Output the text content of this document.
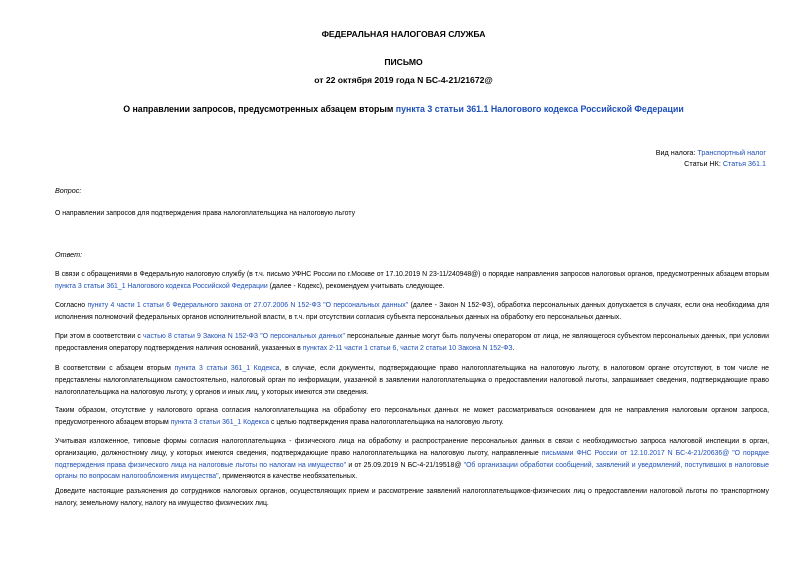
ФЕДЕРАЛЬНАЯ НАЛОГОВАЯ СЛУЖБА
ПИСЬМО
от 22 октября 2019 года N БС-4-21/21672@
О направлении запросов, предусмотренных абзацем вторым пункта 3 статьи 361.1 Налогового кодекса Российской Федерации
Вид налога: Транспортный налог
Статьи НК: Статья 361.1
Вопрос:
О направлении запросов для подтверждения права налогоплательщика на налоговую льготу
Ответ:
В связи с обращениями в Федеральную налоговую службу (в т.ч. письмо УФНС России по г.Москве от 17.10.2019 N 23-11/240948@) о порядке направления запросов налоговых органов, предусмотренных абзацем вторым пункта 3 статьи 361_1 Налогового кодекса Российской Федерации (далее - Кодекс), рекомендуем учитывать следующее.
Согласно пункту 4 части 1 статьи 6 Федерального закона от 27.07.2006 N 152-ФЗ "О персональных данных" (далее - Закон N 152-ФЗ), обработка персональных данных допускается в случаях, если она необходима для исполнения полномочий федеральных органов исполнительной власти, в т.ч. при отсутствии согласия субъекта персональных данных на обработку его персональных данных.
При этом в соответствии с частью 8 статьи 9 Закона N 152-ФЗ "О персональных данных" персональные данные могут быть получены оператором от лица, не являющегося субъектом персональных данных, при условии предоставления оператору подтверждения наличия оснований, указанных в пунктах 2-11 части 1 статьи 6, части 2 статьи 10 Закона N 152-ФЗ.
В соответствии с абзацем вторым пункта 3 статьи 361_1 Кодекса, в случае, если документы, подтверждающие право налогоплательщика на налоговую льготу, в налоговом органе отсутствуют, в том числе не представлены налогоплательщиком самостоятельно, налоговый орган по информации, указанной в заявлении налогоплательщика о предоставлении налоговой льготы, запрашивает сведения, подтверждающие право налогоплательщика на налоговую льготу, у органов и иных лиц, у которых имеются эти сведения.
Таким образом, отсутствие у налогового органа согласия налогоплательщика на обработку его персональных данных не может рассматриваться основанием для не направления налоговым органом запроса, предусмотренного абзацем вторым пункта 3 статьи 361_1 Кодекса с целью подтверждения права налогоплательщика на налоговую льготу.
Учитывая изложенное, типовые формы согласия налогоплательщика - физического лица на обработку и распространение персональных данных в связи с необходимостью запроса налоговой инспекции в орган, организацию, должностному лицу, у которых имеются сведения, подтверждающие право налогоплательщика на налоговую льготу, направленные письмами ФНС России от 12.10.2017 N БС-4-21/20636@ "О порядке подтверждения права физического лица на налоговые льготы по налогам на имущество" и от 25.09.2019 N БС-4-21/19518@ "Об организации обработки сообщений, заявлений и уведомлений, поступивших в налоговые органы по вопросам налогообложения имущества", применяются в качестве необязательных.
Доведите настоящие разъяснения до сотрудников налоговых органов, осуществляющих прием и рассмотрение заявлений налогоплательщиков-физических лиц о предоставлении налоговой льготы по транспортному налогу, земельному налогу, налогу на имущество физических лиц.
